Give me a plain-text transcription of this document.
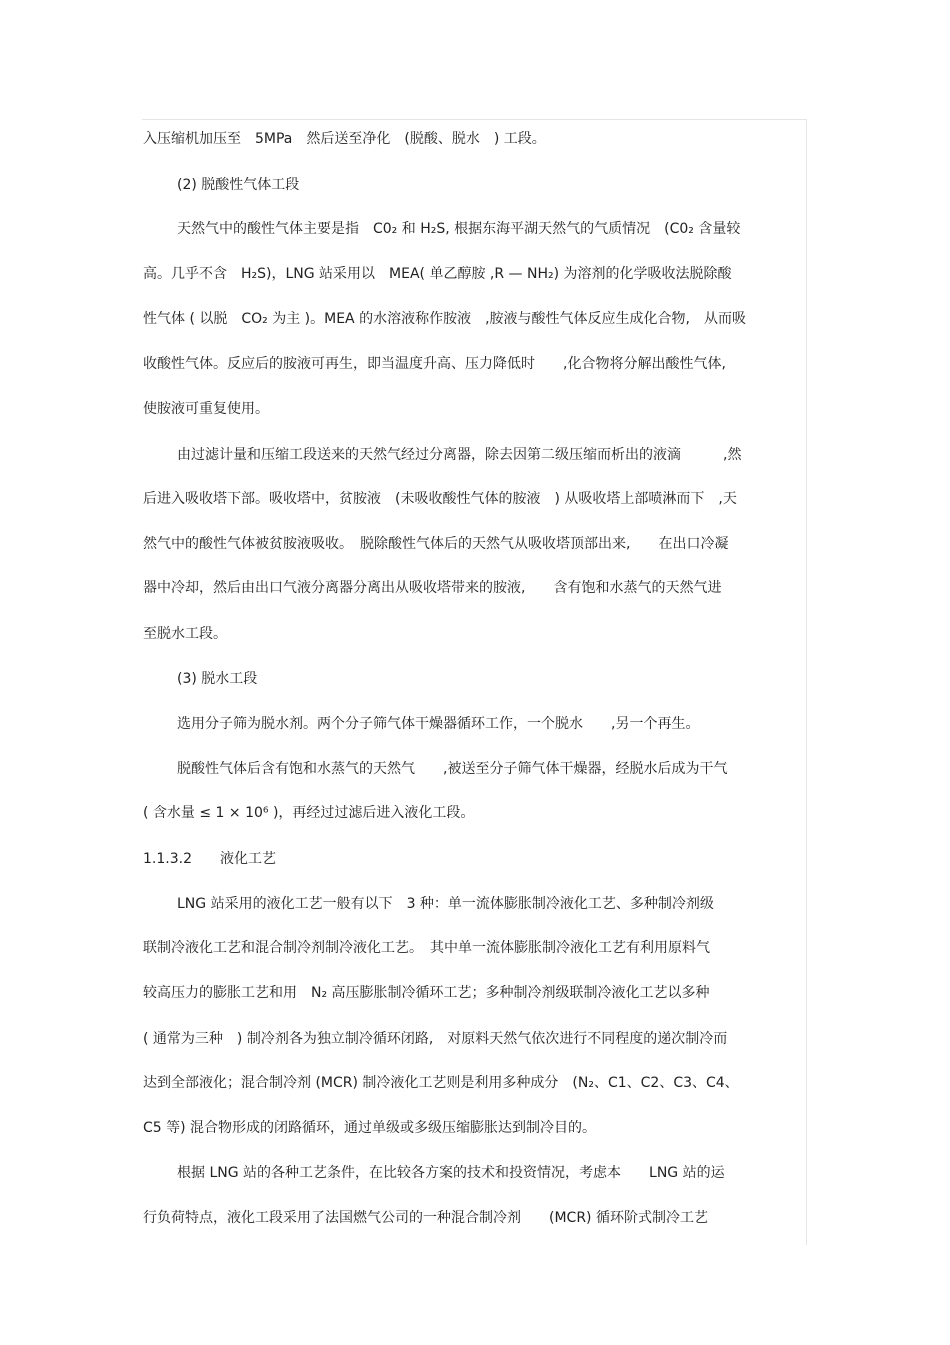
入压缩机加压至　5MPa　然后送至净化　(脱酸、脱水　) 工段。
(2) 脱酸性气体工段
天然气中的酸性气体主要是指　C0₂ 和 H₂S, 根据东海平湖天然气的气质情况　(C0₂ 含量较
高。几乎不含　H₂S)，LNG 站采用以　MEA( 单乙醇胺 ,R — NH₂) 为溶剂的化学吸收法脱除酸
性气体 ( 以脱　CO₂ 为主 )。MEA 的水溶液称作胺液　,胺液与酸性气体反应生成化合物,　从而吸
收酸性气体。反应后的胺液可再生，即当温度升高、压力降低时　　,化合物将分解出酸性气体,
使胺液可重复使用。
由过滤计量和压缩工段送来的天然气经过分离器，除去因第二级压缩而析出的液滴　　　,然
后进入吸收塔下部。吸收塔中，贫胺液　(未吸收酸性气体的胺液　) 从吸收塔上部喷淋而下　,天
然气中的酸性气体被贫胺液吸收。　脱除酸性气体后的天然气从吸收塔顶部出来,　　在出口冷凝
器中冷却，然后由出口气液分离器分离出从吸收塔带来的胺液,　　含有饱和水蒸气的天然气进
至脱水工段。
(3) 脱水工段
选用分子筛为脱水剂。两个分子筛气体干燥器循环工作，一个脱水　　,另一个再生。
脱酸性气体后含有饱和水蒸气的天然气　　,被送至分子筛气体干燥器，经脱水后成为干气
( 含水量 ≤ 1 × 10⁶ )，再经过过滤后进入液化工段。
1.1.3.2　　液化工艺
LNG 站采用的液化工艺一般有以下　3 种：单一流体膨胀制冷液化工艺、多种制冷剂级
联制冷液化工艺和混合制冷剂制冷液化工艺。　其中单一流体膨胀制冷液化工艺有利用原料气
较高压力的膨胀工艺和用　N₂ 高压膨胀制冷循环工艺；多种制冷剂级联制冷液化工艺以多种
( 通常为三种　) 制冷剂各为独立制冷循环闭路,　对原料天然气依次进行不同程度的递次制冷而
达到全部液化；混合制冷剂 (MCR) 制冷液化工艺则是利用多种成分　(N₂、C1、C2、C3、C4、
C5 等) 混合物形成的闭路循环，通过单级或多级压缩膨胀达到制冷目的。
根据 LNG 站的各种工艺条件，在比较各方案的技术和投资情况，考虑本　　LNG 站的运
行负荷特点，液化工段采用了法国燃气公司的一种混合制冷剂　　(MCR) 循环阶式制冷工艺
